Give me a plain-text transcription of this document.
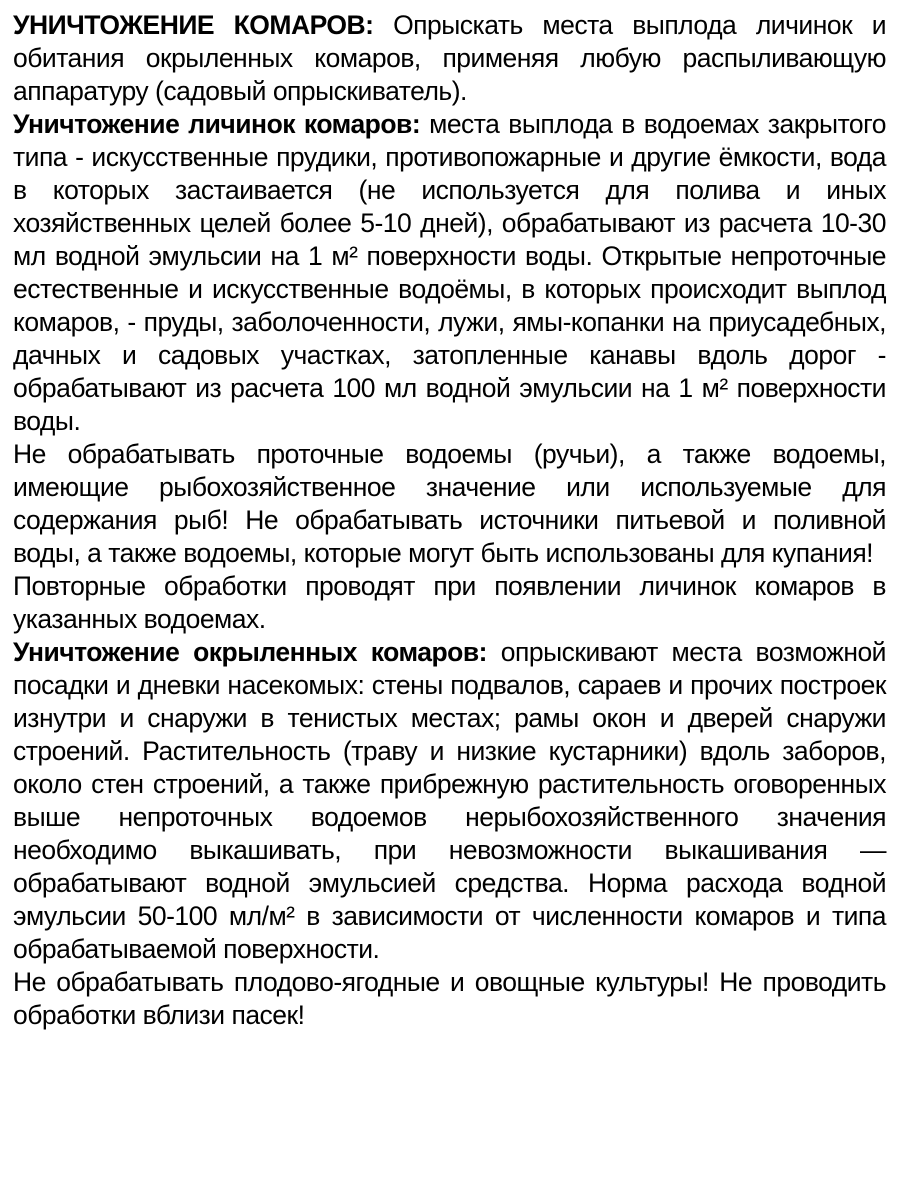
УНИЧТОЖЕНИЕ КОМАРОВ: Опрыскать места выплода личинок и обитания окрыленных комаров, применяя любую распыливающую аппаратуру (садовый опрыскиватель).

Уничтожение личинок комаров: места выплода в водоемах закрытого типа - искусственные прудики, противопожарные и другие ёмкости, вода в которых застаивается (не используется для полива и иных хозяйственных целей более 5-10 дней), обрабатывают из расчета 10-30 мл водной эмульсии на 1 м² поверхности воды. Открытые непроточные естественные и искусственные водоёмы, в которых происходит выплод комаров, - пруды, заболоченности, лужи, ямы-копанки на приусадебных, дачных и садовых участках, затопленные канавы вдоль дорог - обрабатывают из расчета 100 мл водной эмульсии на 1 м² поверхности воды.

Не обрабатывать проточные водоемы (ручьи), а также водоемы, имеющие рыбохозяйственное значение или используемые для содержания рыб! Не обрабатывать источники питьевой и поливной воды, а также водоемы, которые могут быть использованы для купания!

Повторные обработки проводят при появлении личинок комаров в указанных водоемах.

Уничтожение окрыленных комаров: опрыскивают места возможной посадки и дневки насекомых: стены подвалов, сараев и прочих построек изнутри и снаружи в тенистых местах; рамы окон и дверей снаружи строений. Растительность (траву и низкие кустарники) вдоль заборов, около стен строений, а также прибрежную растительность оговоренных выше непроточных водоемов нерыбохозяйственного значения необходимо выкашивать, при невозможности выкашивания — обрабатывают водной эмульсией средства. Норма расхода водной эмульсии 50-100 мл/м² в зависимости от численности комаров и типа обрабатываемой поверхности.

Не обрабатывать плодово-ягодные и овощные культуры! Не проводить обработки вблизи пасек!
